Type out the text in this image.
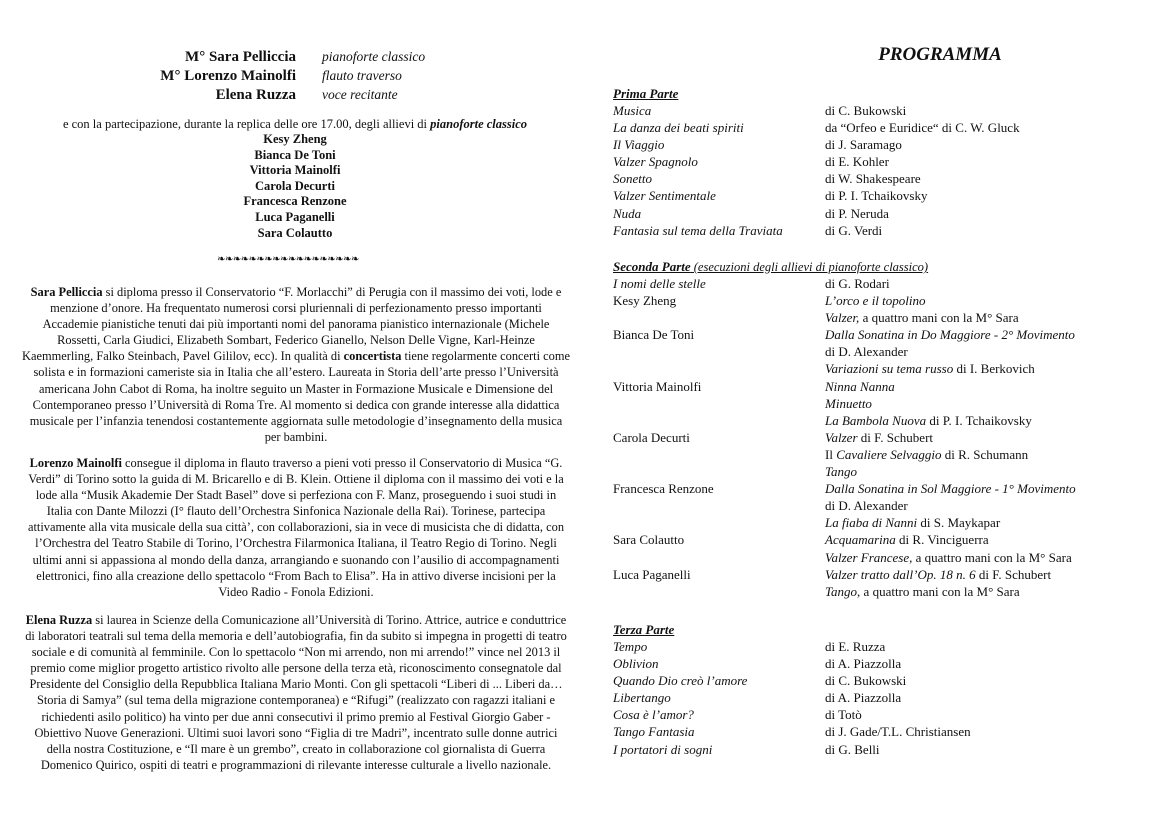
M° Sara Pelliccia pianoforte classico
M° Lorenzo Mainolfi flauto traverso
Elena Ruzza voce recitante
e con la partecipazione, durante la replica delle ore 17.00, degli allievi di pianoforte classico
Kesy Zheng
Bianca De Toni
Vittoria Mainolfi
Carola Decurti
Francesca Renzone
Luca Paganelli
Sara Colautto
❧❧❧❧❧❧❧❧❧❧❧❧❧❧❧❧❧❧
Sara Pelliccia si diploma presso il Conservatorio “F. Morlacchi” di Perugia con il massimo dei voti, lode e menzione d’onore. Ha frequentato numerosi corsi pluriennali di perfezionamento presso importanti Accademie pianistiche tenuti dai più importanti nomi del panorama pianistico internazionale (Michele Rossetti, Carla Giudici, Elizabeth Sombart, Federico Gianello, Nelson Delle Vigne, Karl-Heinze Kaemmerling, Falko Steinbach, Pavel Gililov, ecc). In qualità di concertista tiene regolarmente concerti come solista e in formazioni cameriste sia in Italia che all’estero. Laureata in Storia dell’arte presso l’Università americana John Cabot di Roma, ha inoltre seguito un Master in Formazione Musicale e Dimensione del Contemporaneo presso l’Università di Roma Tre. Al momento si dedica con grande interesse alla didattica musicale per l’infanzia tenendosi costantemente aggiornata sulle metodologie d’insegnamento della musica per bambini.
Lorenzo Mainolfi consegue il diploma in flauto traverso a pieni voti presso il Conservatorio di Musica “G. Verdi” di Torino sotto la guida di M. Bricarello e di B. Klein. Ottiene il diploma con il massimo dei voti e la lode alla “Musik Akademie Der Stadt Basel” dove si perfeziona con F. Manz, proseguendo i suoi studi in Italia con Dante Milozzi (I° flauto dell’Orchestra Sinfonica Nazionale della Rai). Torinese, partecipa attivamente alla vita musicale della sua città’, con collaborazioni, sia in vece di musicista che di didatta, con l’Orchestra del Teatro Stabile di Torino, l’Orchestra Filarmonica Italiana, il Teatro Regio di Torino. Negli ultimi anni si appassiona al mondo della danza, arrangiando e suonando con l’ausilio di accompagnamenti elettronici, fino alla creazione dello spettacolo “From Bach to Elisa”. Ha in attivo diverse incisioni per la Video Radio - Fonola Edizioni.
Elena Ruzza si laurea in Scienze della Comunicazione all’Università di Torino. Attrice, autrice e conduttrice di laboratori teatrali sul tema della memoria e dell’autobiografia, fin da subito si impegna in progetti di teatro sociale e di comunità al femminile. Con lo spettacolo “Non mi arrendo, non mi arrendo!” vince nel 2013 il premio come miglior progetto artistico rivolto alle persone della terza età, riconoscimento consegnatole dal Presidente del Consiglio della Repubblica Italiana Mario Monti. Con gli spettacoli “Liberi di ... Liberi da…Storia di Samya” (sul tema della migrazione contemporanea) e “Rifugi” (realizzato con ragazzi italiani e richiedenti asilo politico) ha vinto per due anni consecutivi il primo premio al Festival Giorgio Gaber - Obiettivo Nuove Generazioni. Ultimi suoi lavori sono “Figlia di tre Madri”, incentrato sulle donne autrici della nostra Costituzione, e “Il mare è un grembo”, creato in collaborazione col giornalista di Guerra Domenico Quirico, ospiti di teatri e programmazioni di rilevante interesse culturale a livello nazionale.
PROGRAMMA
Prima Parte
Musica	di C. Bukowski
La danza dei beati spiriti	da “Orfeo e Euridice“ di C. W. Gluck
Il Viaggio	di J. Saramago
Valzer Spagnolo	di E. Kohler
Sonetto	di W. Shakespeare
Valzer Sentimentale	di P. I. Tchaikovsky
Nuda	di P. Neruda
Fantasia sul tema della Traviata	di G. Verdi
Seconda Parte (esecuzioni degli allievi di pianoforte classico)
I nomi delle stelle	di G. Rodari
Kesy Zheng	L’orco e il topolino
Valzer, a quattro mani con la M° Sara
Bianca De Toni	Dalla Sonatina in Do Maggiore - 2° Movimento
di D. Alexander
Variazioni su tema russo di I. Berkovich
Vittoria Mainolfi	Ninna Nanna
Minuetto
La Bambola Nuova di P. I. Tchaikovsky
Carola Decurti	Valzer di F. Schubert
Il Cavaliere Selvaggio di R. Schumann
Tango
Francesca Renzone	Dalla Sonatina in Sol Maggiore - 1° Movimento
di D. Alexander
La fiaba di Nanni di S. Maykapar
Sara Colautto	Acquamarina di R. Vinciguerra
Valzer Francese, a quattro mani con la M° Sara
Luca Paganelli	Valzer tratto dall’Op. 18 n. 6 di F. Schubert
Tango, a quattro mani con la M° Sara
Terza Parte
Tempo	di E. Ruzza
Oblivion	di A. Piazzolla
Quando Dio creò l’amore	di C. Bukowski
Libertango	di A. Piazzolla
Cosa è l’amor?	di Totò
Tango Fantasia	di J. Gade/T.L. Christiansen
I portatori di sogni	di G. Belli
